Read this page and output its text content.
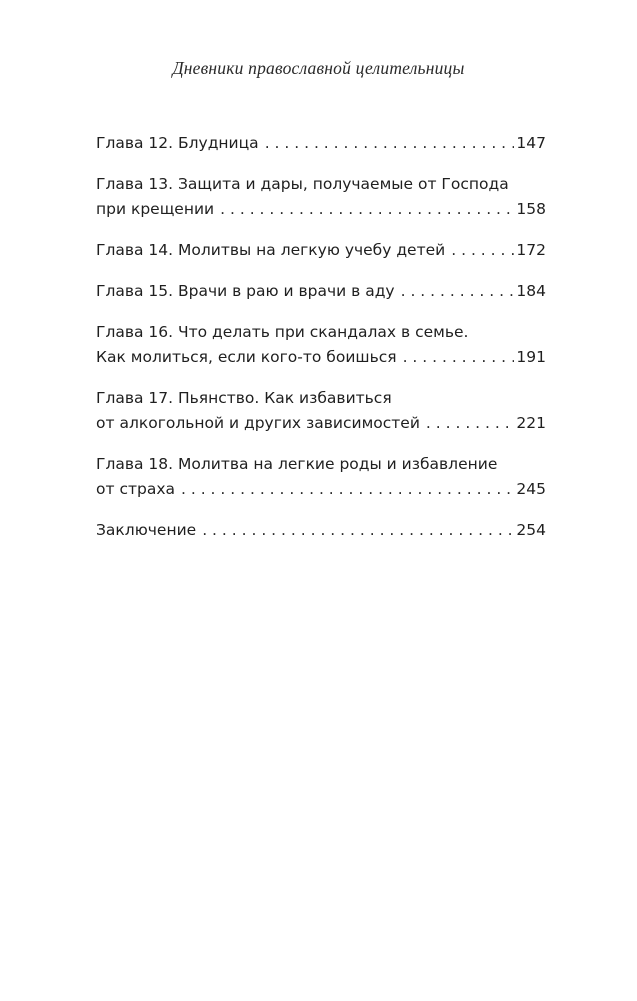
Дневники православной целительницы
Глава 12. Блудница . . .	147
Глава 13. Защита и дары, получаемые от Господа
при крещении . . .	158
Глава 14. Молитвы на легкую учебу детей . . .	172
Глава 15. Врачи в раю и врачи в аду . . .	184
Глава 16. Что делать при скандалах в семье.
Как молиться, если кого-то боишься . . .	191
Глава 17. Пьянство. Как избавиться
от алкогольной и других зависимостей . . .	221
Глава 18. Молитва на легкие роды и избавление
от страха . . .	245
Заключение . . .	254
